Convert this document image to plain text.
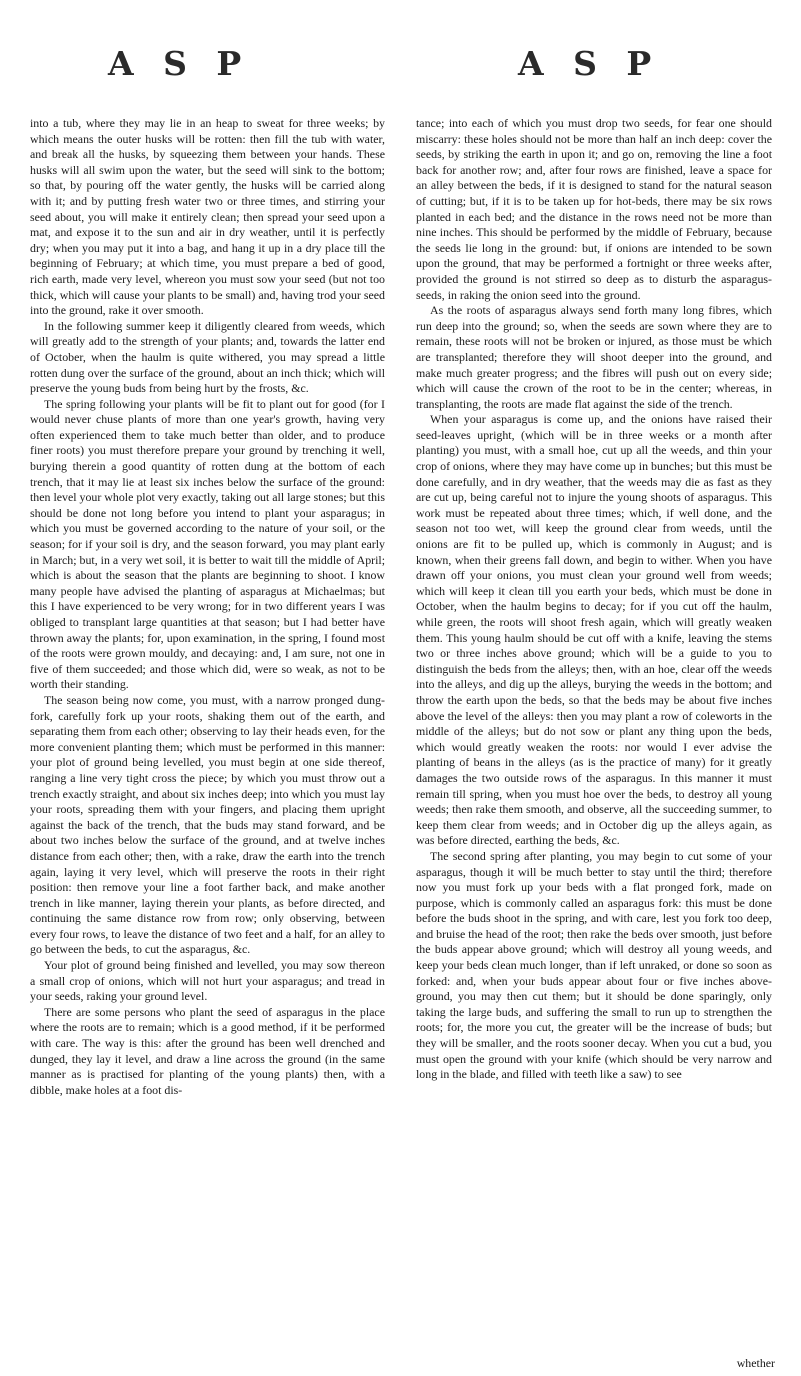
A S P	A S P

into a tub, where they may lie in an heap to sweat for three weeks; by which means the outer husks will be rotten: then fill the tub with water, and break all the husks, by squeezing them between your hands. These husks will all swim upon the water, but the seed will sink to the bottom; so that, by pouring off the water gently, the husks will be carried along with it; and by putting fresh water two or three times, and stirring your seed about, you will make it entirely clean; then spread your seed upon a mat, and expose it to the sun and air in dry weather, until it is perfectly dry; when you may put it into a bag, and hang it up in a dry place till the beginning of February; at which time, you must prepare a bed of good, rich earth, made very level, whereon you must sow your seed (but not too thick, which will cause your plants to be small) and, having trod your seed into the ground, rake it over smooth.

In the following summer keep it diligently cleared from weeds, which will greatly add to the strength of your plants; and, towards the latter end of October, when the haulm is quite withered, you may spread a little rotten dung over the surface of the ground, about an inch thick; which will preserve the young buds from being hurt by the frosts, &c.

The spring following your plants will be fit to plant out for good (for I would never chuse plants of more than one year's growth, having very often experienced them to take much better than older, and to produce finer roots) you must therefore prepare your ground by trenching it well, burying therein a good quantity of rotten dung at the bottom of each trench, that it may lie at least six inches below the surface of the ground: then level your whole plot very exactly, taking out all large stones; but this should be done not long before you intend to plant your asparagus; in which you must be governed according to the nature of your soil, or the season; for if your soil is dry, and the season forward, you may plant early in March; but, in a very wet soil, it is better to wait till the middle of April; which is about the season that the plants are beginning to shoot. I know many people have advised the planting of asparagus at Michaelmas; but this I have experienced to be very wrong; for in two different years I was obliged to transplant large quantities at that season; but I had better have thrown away the plants; for, upon examination, in the spring, I found most of the roots were grown mouldy, and decaying: and, I am sure, not one in five of them succeeded; and those which did, were so weak, as not to be worth their standing.

The season being now come, you must, with a narrow pronged dung-fork, carefully fork up your roots, shaking them out of the earth, and separating them from each other; observing to lay their heads even, for the more convenient planting them; which must be performed in this manner: your plot of ground being levelled, you must begin at one side thereof, ranging a line very tight cross the piece; by which you must throw out a trench exactly straight, and about six inches deep; into which you must lay your roots, spreading them with your fingers, and placing them upright against the back of the trench, that the buds may stand forward, and be about two inches below the surface of the ground, and at twelve inches distance from each other; then, with a rake, draw the earth into the trench again, laying it very level, which will preserve the roots in their right position: then remove your line a foot farther back, and make another trench in like manner, laying therein your plants, as before directed, and continuing the same distance row from row; only observing, between every four rows, to leave the distance of two feet and a half, for an alley to go between the beds, to cut the asparagus, &c.

Your plot of ground being finished and levelled, you may sow thereon a small crop of onions, which will not hurt your asparagus; and tread in your seeds, raking your ground level.

There are some persons who plant the seed of asparagus in the place where the roots are to remain; which is a good method, if it be performed with care. The way is this: after the ground has been well drenched and dunged, they lay it level, and draw a line across the ground (in the same manner as is practised for planting of the young plants) then, with a dibble, make holes at a foot dis-

tance; into each of which you must drop two seeds, for fear one should miscarry: these holes should not be more than half an inch deep: cover the seeds, by striking the earth in upon it; and go on, removing the line a foot back for another row; and, after four rows are finished, leave a space for an alley between the beds, if it is designed to stand for the natural season of cutting; but, if it is to be taken up for hot-beds, there may be six rows planted in each bed; and the distance in the rows need not be more than nine inches. This should be performed by the middle of February, because the seeds lie long in the ground: but, if onions are intended to be sown upon the ground, that may be performed a fortnight or three weeks after, provided the ground is not stirred so deep as to disturb the asparagus-seeds, in raking the onion seed into the ground.

As the roots of asparagus always send forth many long fibres, which run deep into the ground; so, when the seeds are sown where they are to remain, these roots will not be broken or injured, as those must be which are transplanted; therefore they will shoot deeper into the ground, and make much greater progress; and the fibres will push out on every side; which will cause the crown of the root to be in the center; whereas, in transplanting, the roots are made flat against the side of the trench.

When your asparagus is come up, and the onions have raised their seed-leaves upright, (which will be in three weeks or a month after planting) you must, with a small hoe, cut up all the weeds, and thin your crop of onions, where they may have come up in bunches; but this must be done carefully, and in dry weather, that the weeds may die as fast as they are cut up, being careful not to injure the young shoots of asparagus. This work must be repeated about three times; which, if well done, and the season not too wet, will keep the ground clear from weeds, until the onions are fit to be pulled up, which is commonly in August; and is known, when their greens fall down, and begin to wither. When you have drawn off your onions, you must clean your ground well from weeds; which will keep it clean till you earth your beds, which must be done in October, when the haulm begins to decay; for if you cut off the haulm, while green, the roots will shoot fresh again, which will greatly weaken them. This young haulm should be cut off with a knife, leaving the stems two or three inches above ground; which will be a guide to you to distinguish the beds from the alleys; then, with an hoe, clear off the weeds into the alleys, and dig up the alleys, burying the weeds in the bottom; and throw the earth upon the beds, so that the beds may be about five inches above the level of the alleys: then you may plant a row of coleworts in the middle of the alleys; but do not sow or plant any thing upon the beds, which would greatly weaken the roots: nor would I ever advise the planting of beans in the alleys (as is the practice of many) for it greatly damages the two outside rows of the asparagus. In this manner it must remain till spring, when you must hoe over the beds, to destroy all young weeds; then rake them smooth, and observe, all the succeeding summer, to keep them clear from weeds; and in October dig up the alleys again, as was before directed, earthing the beds, &c.

The second spring after planting, you may begin to cut some of your asparagus, though it will be much better to stay until the third; therefore now you must fork up your beds with a flat pronged fork, made on purpose, which is commonly called an asparagus fork: this must be done before the buds shoot in the spring, and with care, lest you fork too deep, and bruise the head of the root; then rake the beds over smooth, just before the buds appear above ground; which will destroy all young weeds, and keep your beds clean much longer, than if left unraked, or done so soon as forked: and, when your buds appear about four or five inches above-ground, you may then cut them; but it should be done sparingly, only taking the large buds, and suffering the small to run up to strengthen the roots; for, the more you cut, the greater will be the increase of buds; but they will be smaller, and the roots sooner decay. When you cut a bud, you must open the ground with your knife (which should be very narrow and long in the blade, and filled with teeth like a saw) to see

whether
